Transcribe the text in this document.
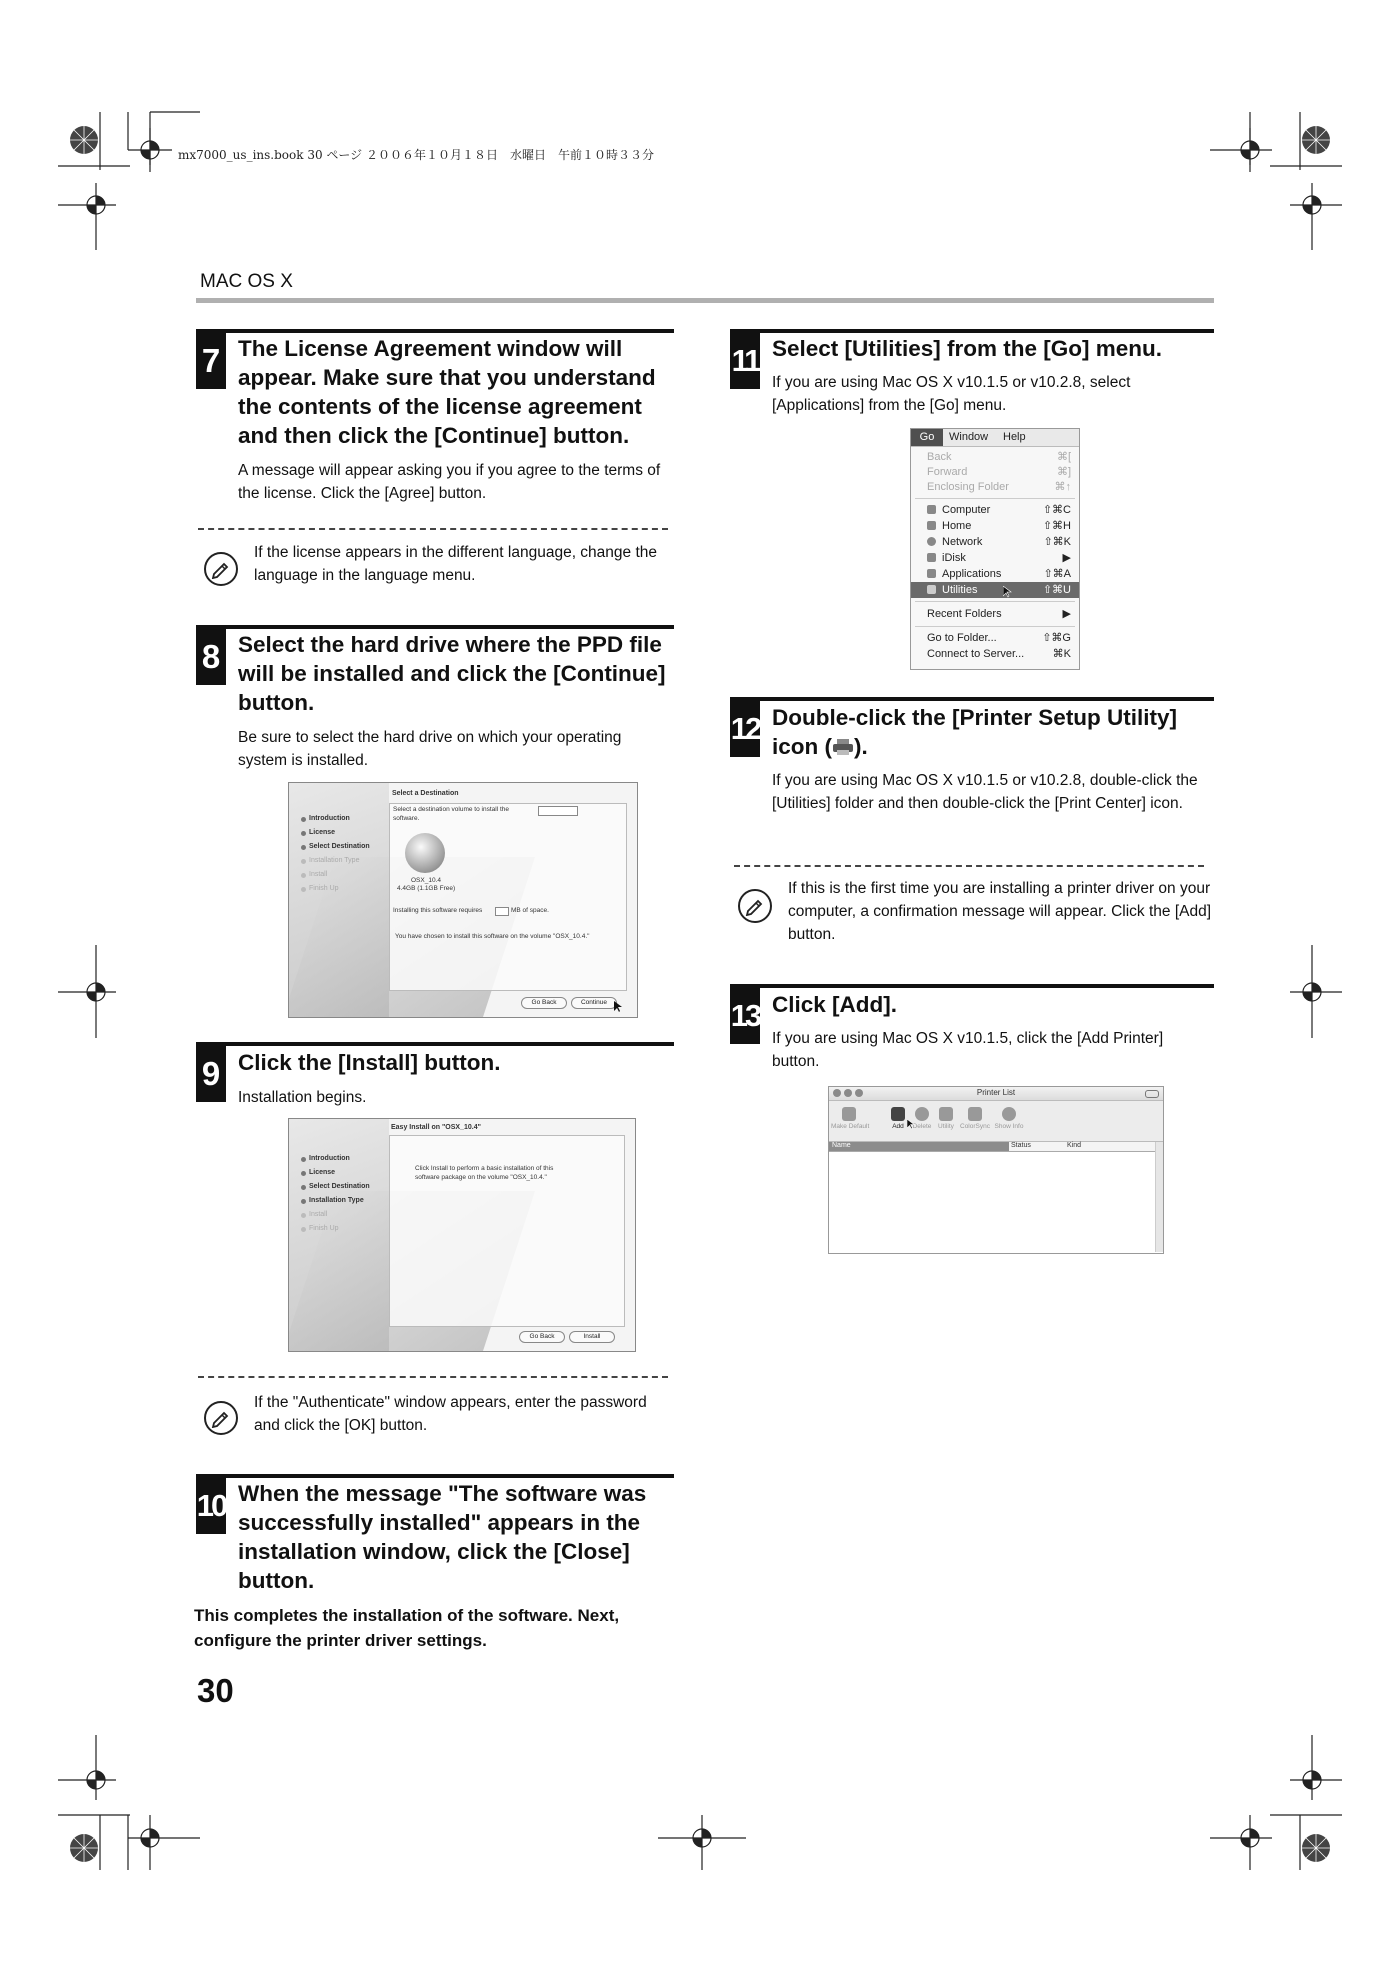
mx7000_us_ins.book 30 ページ ２００６年１０月１８日　水曜日　午前１０時３３分
MAC OS X
7 The License Agreement window will appear. Make sure that you understand the contents of the license agreement and then click the [Continue] button.
A message will appear asking you if you agree to the terms of the license. Click the [Agree] button.
If the license appears in the different language, change the language in the language menu.
8 Select the hard drive where the PPD file will be installed and click the [Continue] button.
Be sure to select the hard drive on which your operating system is installed.
Select a Destination
Introduction
License
Select Destination
Installation Type
Install
Finish Up
Select a destination volume to install the
software.
OSX_10.4
4.4GB (1.1GB Free)
Installing this software requires	MB of space.
You have chosen to install this software on the volume "OSX_10.4."
Go Back	Continue
9 Click the [Install] button.
Installation begins.
Easy Install on "OSX_10.4"
Introduction
License
Select Destination
Installation Type
Install
Finish Up
Click Install to perform a basic installation of this
software package on the volume "OSX_10.4."
Go Back	Install
If the "Authenticate" window appears, enter the password and click the [OK] button.
10 When the message "The software was successfully installed" appears in the installation window, click the [Close] button.
This completes the installation of the software. Next, configure the printer driver settings.
30
11 Select [Utilities] from the [Go] menu.
If you are using Mac OS X v10.1.5 or v10.2.8, select [Applications] from the [Go] menu.
Go	Window Help
Back	⌘[
Forward	⌘]
Enclosing Folder	⌘↑
Computer	⇧⌘C
Home	⇧⌘H
Network	⇧⌘K
iDisk	▶
Applications	⇧⌘A
Utilities	⇧⌘U
Recent Folders	▶
Go to Folder...	⇧⌘G
Connect to Server...	⌘K
12 Double-click the [Printer Setup Utility] icon ( ).
If you are using Mac OS X v10.1.5 or v10.2.8, double-click the [Utilities] folder and then double-click the [Print Center] icon.
If this is the first time you are installing a printer driver on your computer, a confirmation message will appear. Click the [Add] button.
13 Click [Add].
If you are using Mac OS X v10.1.5, click the [Add Printer] button.
Printer List
Make Default	Add	Delete	Utility ColorSync Show Info
Name	Status	Kind
